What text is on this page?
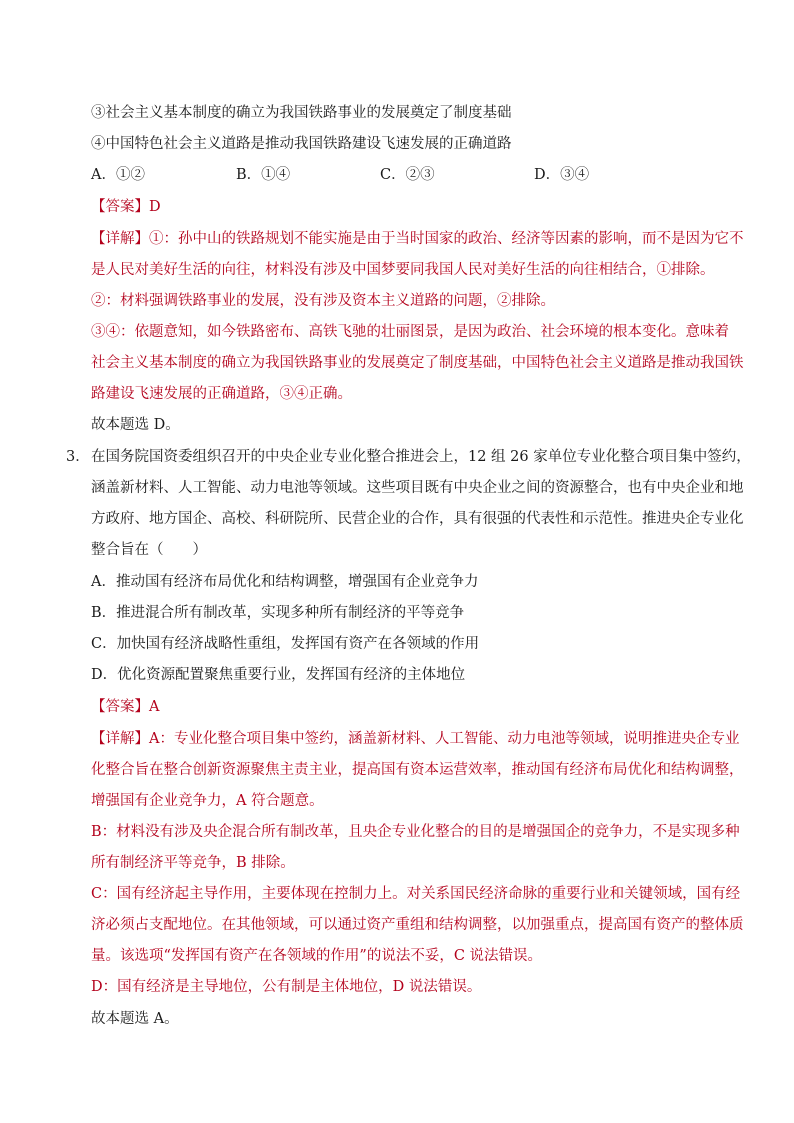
③社会主义基本制度的确立为我国铁路事业的发展奠定了制度基础
④中国特色社会主义道路是推动我国铁路建设飞速发展的正确道路
A．①②	B．①④	C．②③	D．③④
【答案】D
【详解】①：孙中山的铁路规划不能实施是由于当时国家的政治、经济等因素的影响，而不是因为它不
是人民对美好生活的向往，材料没有涉及中国梦要同我国人民对美好生活的向往相结合，①排除。
②：材料强调铁路事业的发展，没有涉及资本主义道路的问题，②排除。
③④：依题意知，如今铁路密布、高铁飞驰的壮丽图景，是因为政治、社会环境的根本变化。意味着
社会主义基本制度的确立为我国铁路事业的发展奠定了制度基础，中国特色社会主义道路是推动我国铁
路建设飞速发展的正确道路，③④正确。
故本题选 D。
3． 在国务院国资委组织召开的中央企业专业化整合推进会上，12 组 26 家单位专业化整合项目集中签约，
涵盖新材料、人工智能、动力电池等领域。这些项目既有中央企业之间的资源整合，也有中央企业和地
方政府、地方国企、高校、科研院所、民营企业的合作，具有很强的代表性和示范性。推进央企专业化
整合旨在（　　）
A．推动国有经济布局优化和结构调整，增强国有企业竞争力
B．推进混合所有制改革，实现多种所有制经济的平等竞争
C．加快国有经济战略性重组，发挥国有资产在各领域的作用
D．优化资源配置聚焦重要行业，发挥国有经济的主体地位
【答案】A
【详解】A：专业化整合项目集中签约，涵盖新材料、人工智能、动力电池等领域，说明推进央企专业
化整合旨在整合创新资源聚焦主责主业，提高国有资本运营效率，推动国有经济布局优化和结构调整，
增强国有企业竞争力，A 符合题意。
B：材料没有涉及央企混合所有制改革，且央企专业化整合的目的是增强国企的竞争力，不是实现多种
所有制经济平等竞争，B 排除。
C：国有经济起主导作用，主要体现在控制力上。对关系国民经济命脉的重要行业和关键领域，国有经
济必须占支配地位。在其他领域，可以通过资产重组和结构调整，以加强重点，提高国有资产的整体质
量。该选项“发挥国有资产在各领域的作用”的说法不妥，C 说法错误。
D：国有经济是主导地位，公有制是主体地位，D 说法错误。
故本题选 A。
